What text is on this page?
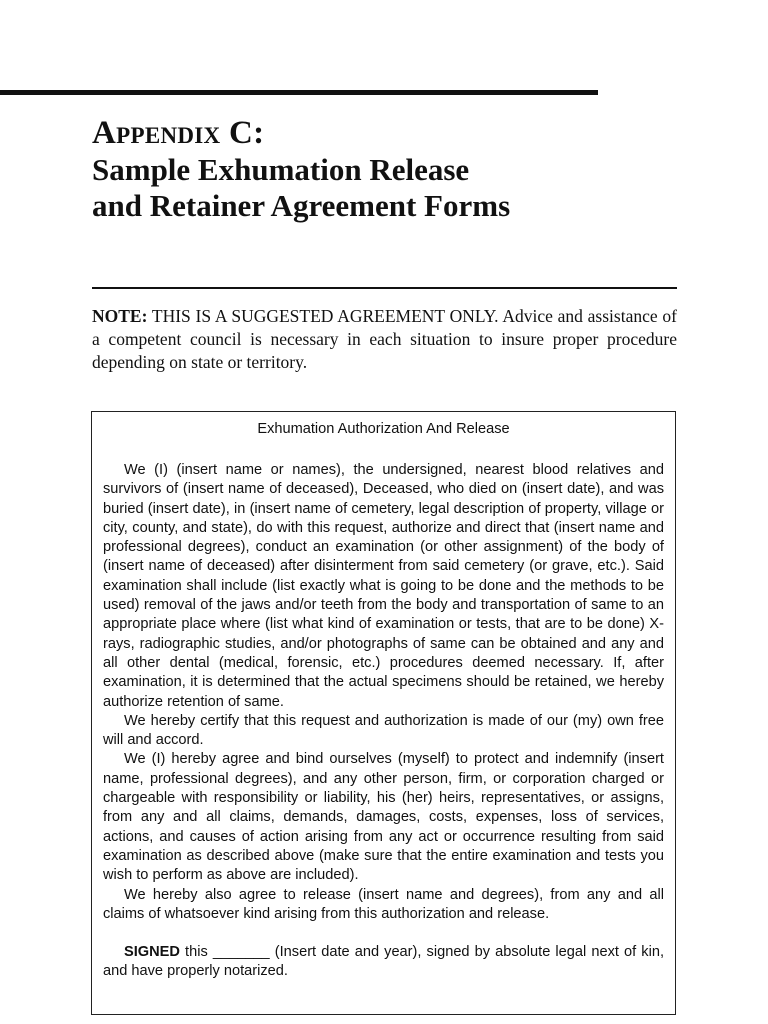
Appendix C:
Sample Exhumation Release
and Retainer Agreement Forms
NOTE: THIS IS A SUGGESTED AGREEMENT ONLY. Advice and assistance of a competent council is necessary in each situation to insure proper procedure depending on state or territory.
Exhumation Authorization And Release

We (I) (insert name or names), the undersigned, nearest blood relatives and survivors of (insert name of deceased), Deceased, who died on (insert date), and was buried (insert date), in (insert name of cemetery, legal description of property, village or city, county, and state), do with this request, authorize and direct that (insert name and professional degrees), conduct an examination (or other assignment) of the body of (insert name of deceased) after disinterment from said cemetery (or grave, etc.). Said examination shall include (list exactly what is going to be done and the methods to be used) removal of the jaws and/or teeth from the body and transportation of same to an appropriate place where (list what kind of examination or tests, that are to be done) X-rays, radiographic studies, and/or photographs of same can be obtained and any and all other dental (medical, forensic, etc.) procedures deemed necessary. If, after examination, it is determined that the actual specimens should be retained, we hereby authorize retention of same.

We hereby certify that this request and authorization is made of our (my) own free will and accord.

We (I) hereby agree and bind ourselves (myself) to protect and indemnify (insert name, professional degrees), and any other person, firm, or corporation charged or chargeable with responsibility or liability, his (her) heirs, representatives, or assigns, from any and all claims, demands, damages, costs, expenses, loss of services, actions, and causes of action arising from any act or occurrence resulting from said examination as described above (make sure that the entire examination and tests you wish to perform as above are included).

We hereby also agree to release (insert name and degrees), from any and all claims of whatsoever kind arising from this authorization and release.

SIGNED this _______ (Insert date and year), signed by absolute legal next of kin, and have properly notarized.
